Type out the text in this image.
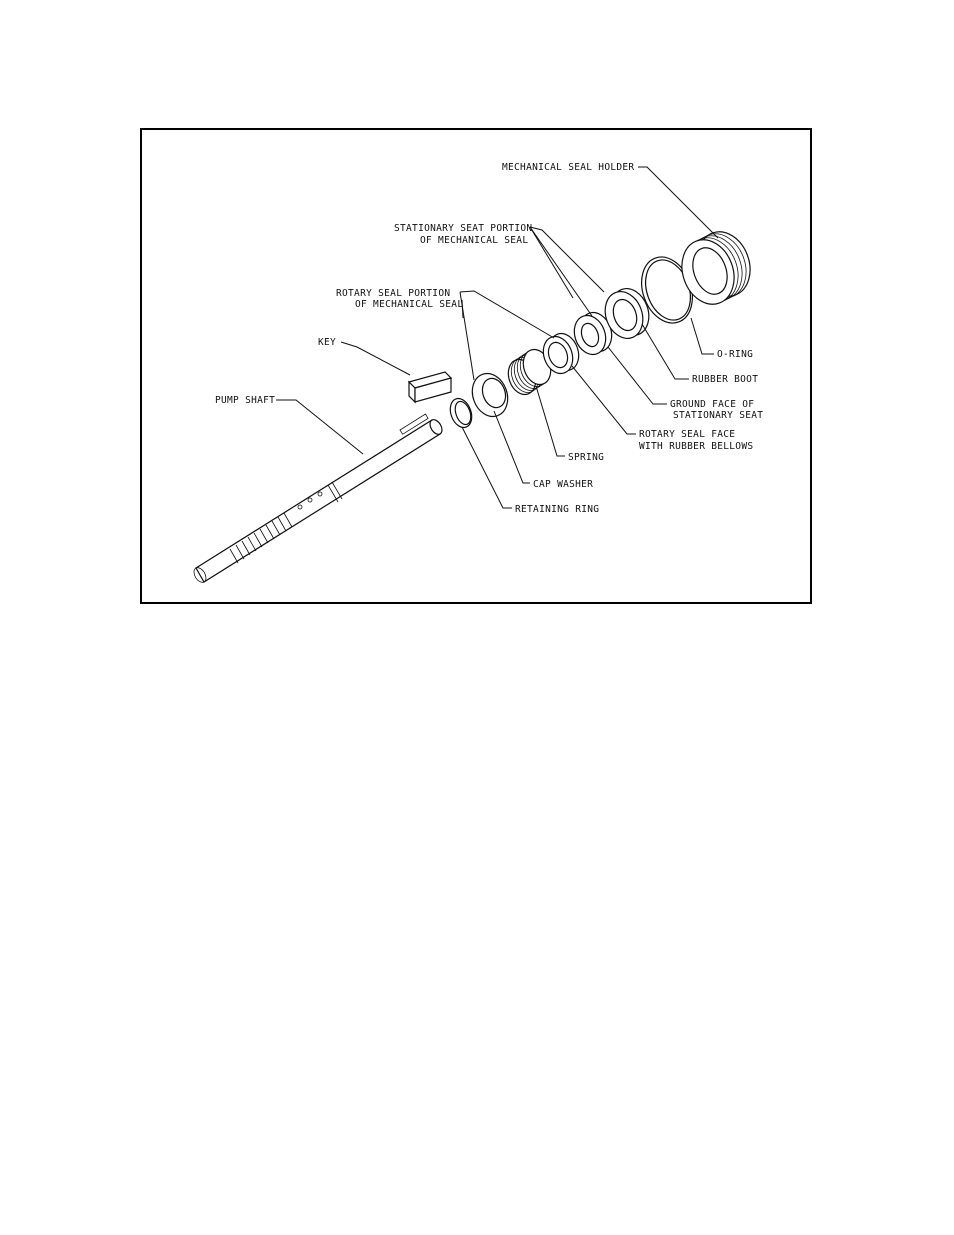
MECHANICAL SEAL HOLDER
STATIONARY SEAT PORTION
OF MECHANICAL SEAL
ROTARY SEAL PORTION
OF MECHANICAL SEAL
KEY
PUMP SHAFT
O-RING
RUBBER BOOT
GROUND FACE OF
STATIONARY SEAT
ROTARY SEAL FACE
WITH RUBBER BELLOWS
SPRING
CAP WASHER
RETAINING RING
